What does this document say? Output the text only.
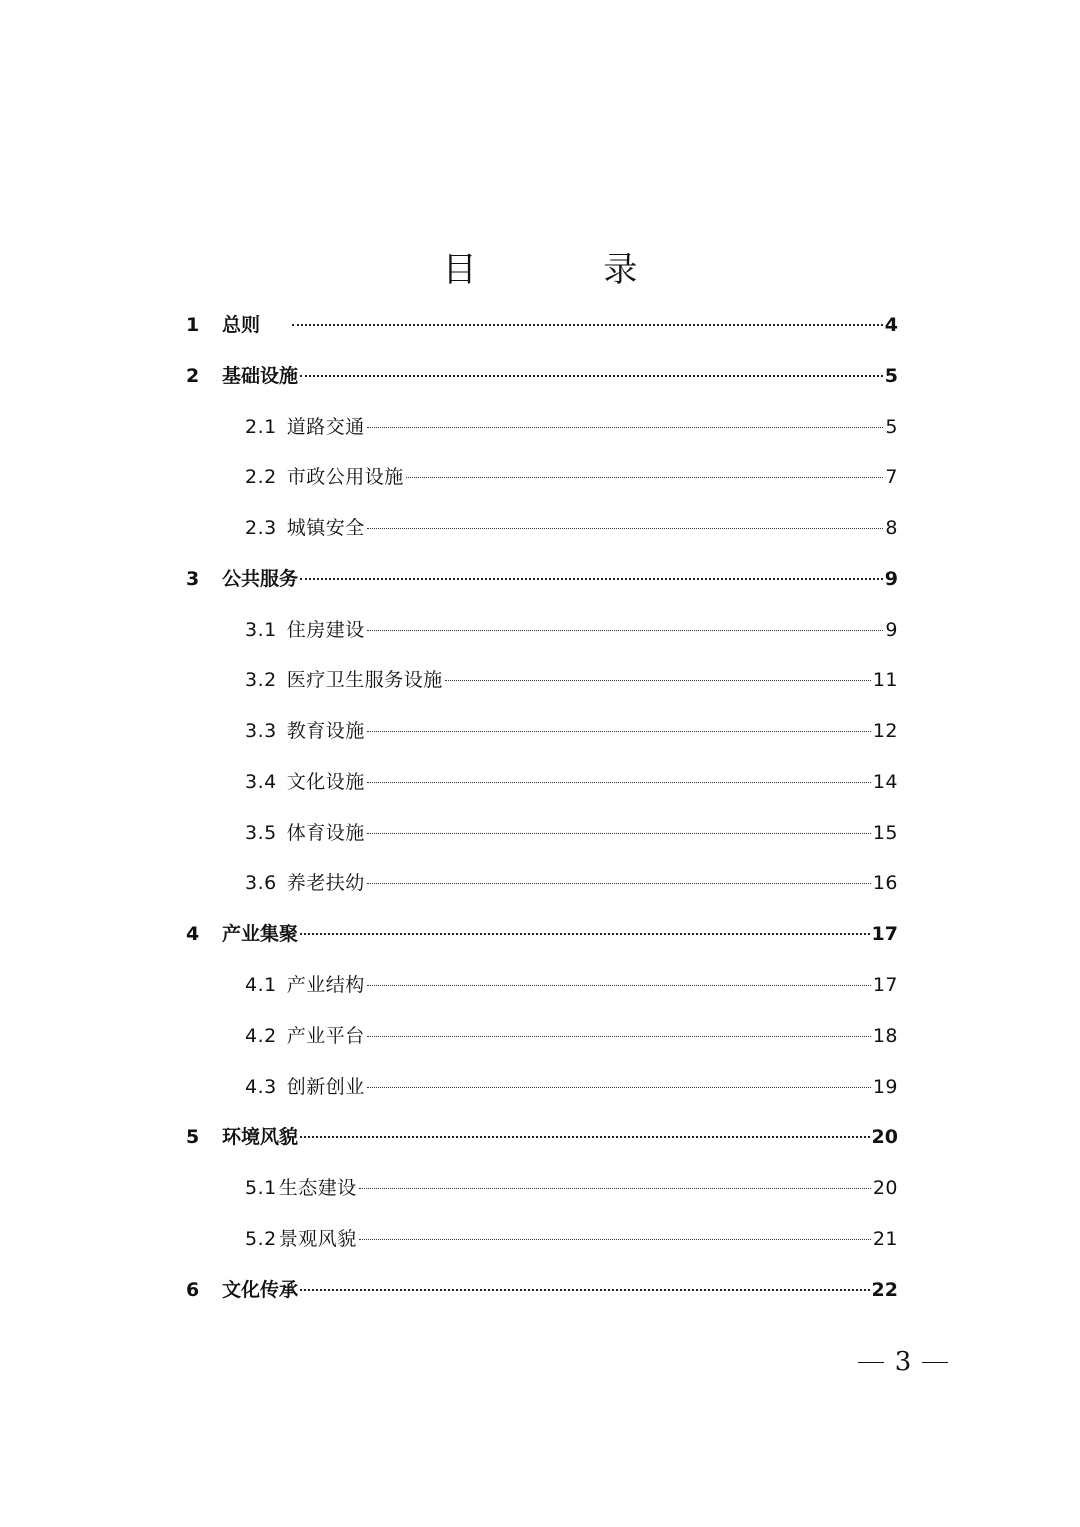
目 录
1	总则	4
2	基础设施	5
2.1 道路交通	5
2.2 市政公用设施	7
2.3 城镇安全	8
3	公共服务	9
3.1 住房建设	9
3.2 医疗卫生服务设施	11
3.3 教育设施	12
3.4 文化设施	14
3.5 体育设施	15
3.6 养老扶幼	16
4	产业集聚	17
4.1 产业结构	17
4.2 产业平台	18
4.3 创新创业	19
5	环境风貌	20
5.1 生态建设	20
5.2 景观风貌	21
6	文化传承	22
3
